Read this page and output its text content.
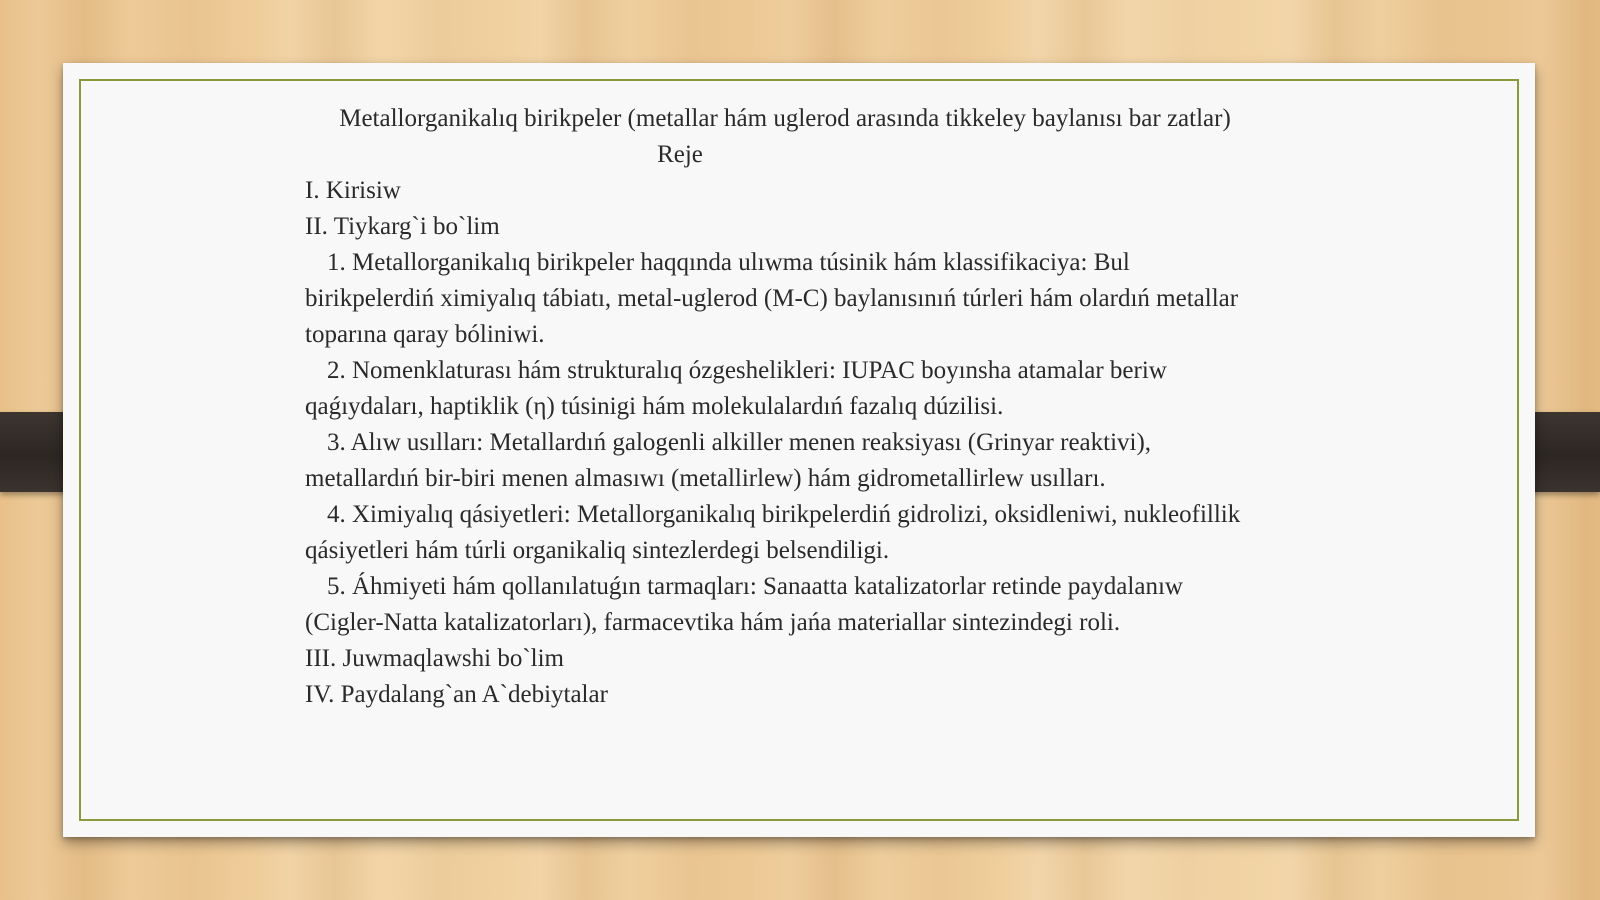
Metallorganikalıq birikpeler (metallar hám uglerod arasında tikkeley baylanısı bar zatlar)

Reje

I. Kirisiw

II. Tiykarg`i bo`lim

1. Metallorganikalıq birikpeler haqqında ulıwma túsinik hám klassifikaciya: Bul birikpelerdiń ximiyalıq tábiatı, metal-uglerod (M-C) baylanısınıń túrleri hám olardıń metallar toparına qaray bóliniwi.

2. Nomenklaturası hám strukturalıq ózgeshelikleri: IUPAC boyınsha atamalar beriw qaǵıydaları, haptiklik (η) túsinigi hám molekulalardıń fazalıq dúzilisi.

3. Alıw usılları: Metallardıń galogenli alkiller menen reaksiyası (Grinyar reaktivi), metallardıń bir-biri menen almasıwı (metallirlew) hám gidrometallirlew usılları.

4. Ximiyalıq qásiyetleri: Metallorganikalıq birikpelerdiń gidrolizi, oksidleniwi, nukleofillik qásiyetleri hám túrli organikaliq sintezlerdegi belsendiligi.

5. Áhmiyeti hám qollanılatuǵın tarmaqları: Sanaatta katalizatorlar retinde paydalanıw (Cigler-Natta katalizatorları), farmacevtika hám jańa materiallar sintezindegi roli.

III. Juwmaqlawshi bo`lim

IV. Paydalang`an A`debiytalar
